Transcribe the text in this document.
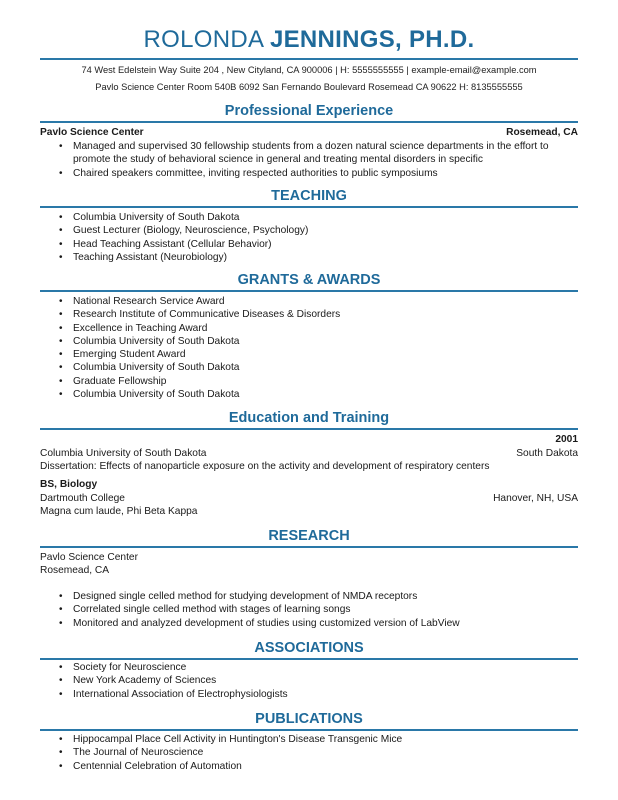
ROLONDA JENNINGS, PH.D.
74 West Edelstein Way Suite 204 , New Cityland, CA 900006 | H: 5555555555 | example-email@example.com
Pavlo Science Center Room 540B 6092 San Fernando Boulevard Rosemead CA 90622 H: 8135555555
Professional Experience
Pavlo Science Center	Rosemead, CA
• Managed and supervised 30 fellowship students from a dozen natural science departments in the effort to
promote the study of behavioral science in general and treating mental disorders in specific
• Chaired speakers committee, inviting respected authorities to public symposiums
TEACHING
• Columbia University of South Dakota
• Guest Lecturer (Biology, Neuroscience, Psychology)
• Head Teaching Assistant (Cellular Behavior)
• Teaching Assistant (Neurobiology)
GRANTS & AWARDS
• National Research Service Award
• Research Institute of Communicative Diseases & Disorders
• Excellence in Teaching Award
• Columbia University of South Dakota
• Emerging Student Award
• Columbia University of South Dakota
• Graduate Fellowship
• Columbia University of South Dakota
Education and Training
2001
Columbia University of South Dakota	South Dakota
Dissertation: Effects of nanoparticle exposure on the activity and development of respiratory centers
BS, Biology
Dartmouth College	Hanover, NH, USA
Magna cum laude, Phi Beta Kappa
RESEARCH
Pavlo Science Center
Rosemead, CA
• Designed single celled method for studying development of NMDA receptors
• Correlated single celled method with stages of learning songs
• Monitored and analyzed development of studies using customized version of LabView
ASSOCIATIONS
• Society for Neuroscience
• New York Academy of Sciences
• International Association of Electrophysiologists
PUBLICATIONS
• Hippocampal Place Cell Activity in Huntington's Disease Transgenic Mice
• The Journal of Neuroscience
• Centennial Celebration of Automation
